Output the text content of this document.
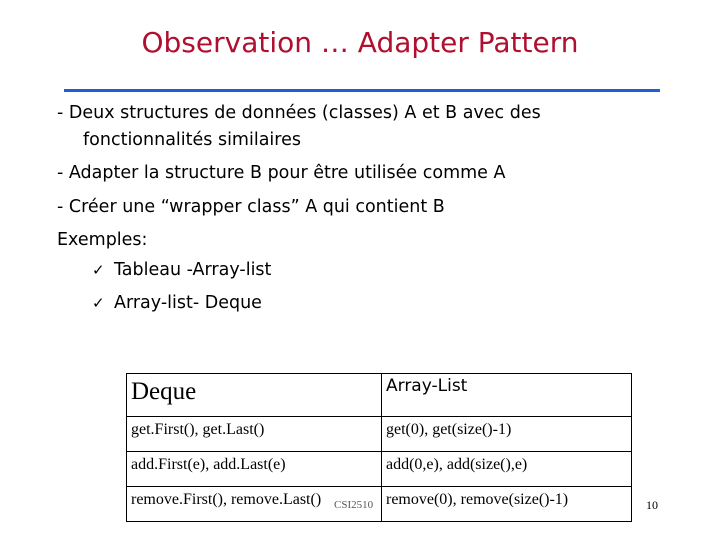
Observation … Adapter Pattern
- Deux structures de données (classes) A et B avec des
fonctionnalités similaires
- Adapter la structure B pour être utilisée comme A
- Créer une “wrapper class” A qui contient B
Exemples:
✓ Tableau -Array-list
✓ Array-list- Deque
Deque	Array-List
get.First(), get.Last()	get(0), get(size()-1)
add.First(e), add.Last(e)	add(0,e), add(size(),e)
remove.First(), remove.Last()	remove(0), remove(size()-1)
CSI2510	10
